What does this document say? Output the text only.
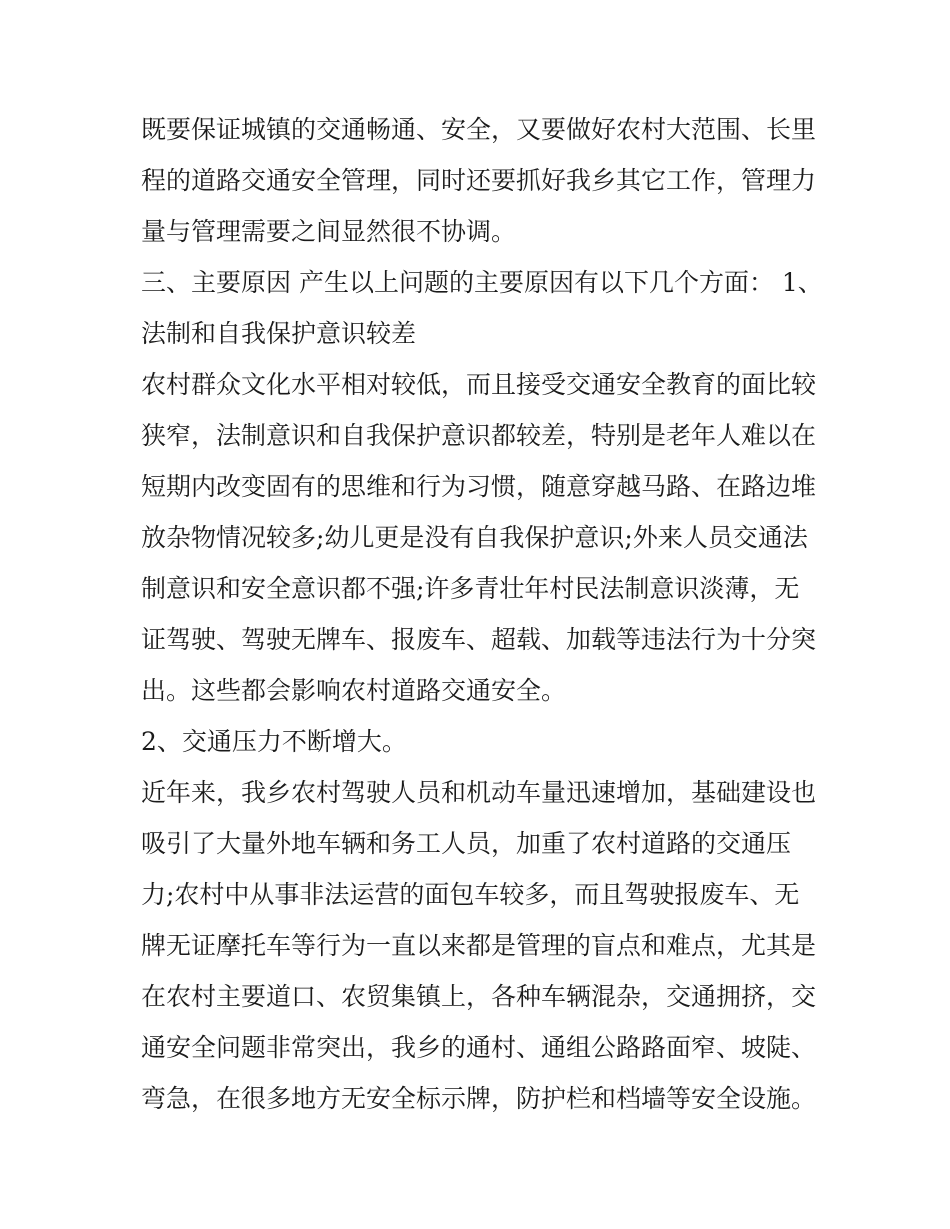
既要保证城镇的交通畅通、安全，又要做好农村大范围、长里
程的道路交通安全管理，同时还要抓好我乡其它工作，管理力
量与管理需要之间显然很不协调。
三、主要原因 产生以上问题的主要原因有以下几个方面： 1、
法制和自我保护意识较差
农村群众文化水平相对较低，而且接受交通安全教育的面比较
狭窄，法制意识和自我保护意识都较差，特别是老年人难以在
短期内改变固有的思维和行为习惯，随意穿越马路、在路边堆
放杂物情况较多;幼儿更是没有自我保护意识;外来人员交通法
制意识和安全意识都不强;许多青壮年村民法制意识淡薄，无
证驾驶、驾驶无牌车、报废车、超载、加载等违法行为十分突
出。这些都会影响农村道路交通安全。
2、交通压力不断增大。
近年来，我乡农村驾驶人员和机动车量迅速增加，基础建设也
吸引了大量外地车辆和务工人员，加重了农村道路的交通压
力;农村中从事非法运营的面包车较多，而且驾驶报废车、无
牌无证摩托车等行为一直以来都是管理的盲点和难点，尤其是
在农村主要道口、农贸集镇上，各种车辆混杂，交通拥挤，交
通安全问题非常突出，我乡的通村、通组公路路面窄、坡陡、
弯急，在很多地方无安全标示牌，防护栏和档墙等安全设施。
